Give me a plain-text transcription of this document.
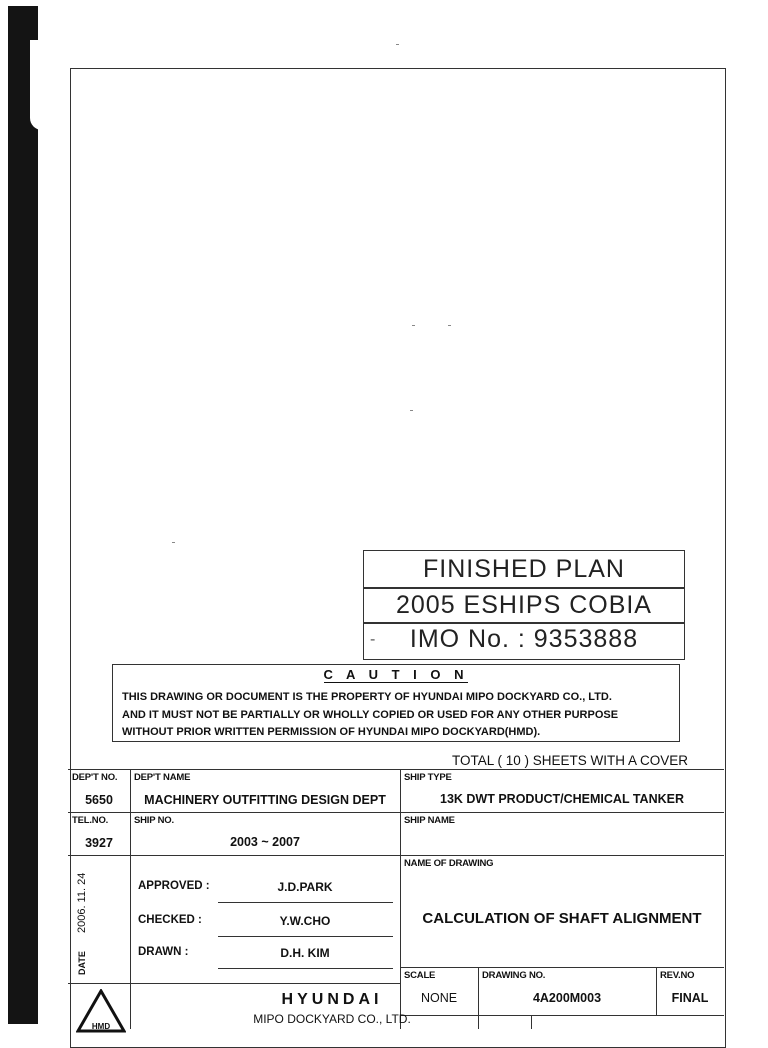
FINISHED PLAN
2005 ESHIPS COBIA
-	IMO No. : 9353888
C A U T I O N
THIS DRAWING OR DOCUMENT IS THE PROPERTY OF HYUNDAI MIPO DOCKYARD CO., LTD.
AND IT MUST NOT BE PARTIALLY OR WHOLLY COPIED OR USED FOR ANY OTHER PURPOSE
WITHOUT PRIOR WRITTEN PERMISSION OF HYUNDAI MIPO DOCKYARD(HMD).
TOTAL ( 10 ) SHEETS WITH A COVER
DEP'T NO.
5650
DEP'T NAME
MACHINERY OUTFITTING DESIGN DEPT
SHIP TYPE
13K DWT PRODUCT/CHEMICAL TANKER
TEL.NO.
3927
SHIP NO.
2003 ~ 2007
SHIP NAME
DATE  2006. 11. 24	APPROVED :	J.D.PARK
CHECKED :	Y.W.CHO
DRAWN :	D.H. KIM
NAME OF DRAWING
CALCULATION OF SHAFT ALIGNMENT
SCALE
NONE
DRAWING NO.
4A200M003
REV.NO
FINAL
HMD
HYUNDAI
MIPO DOCKYARD CO., LTD.
